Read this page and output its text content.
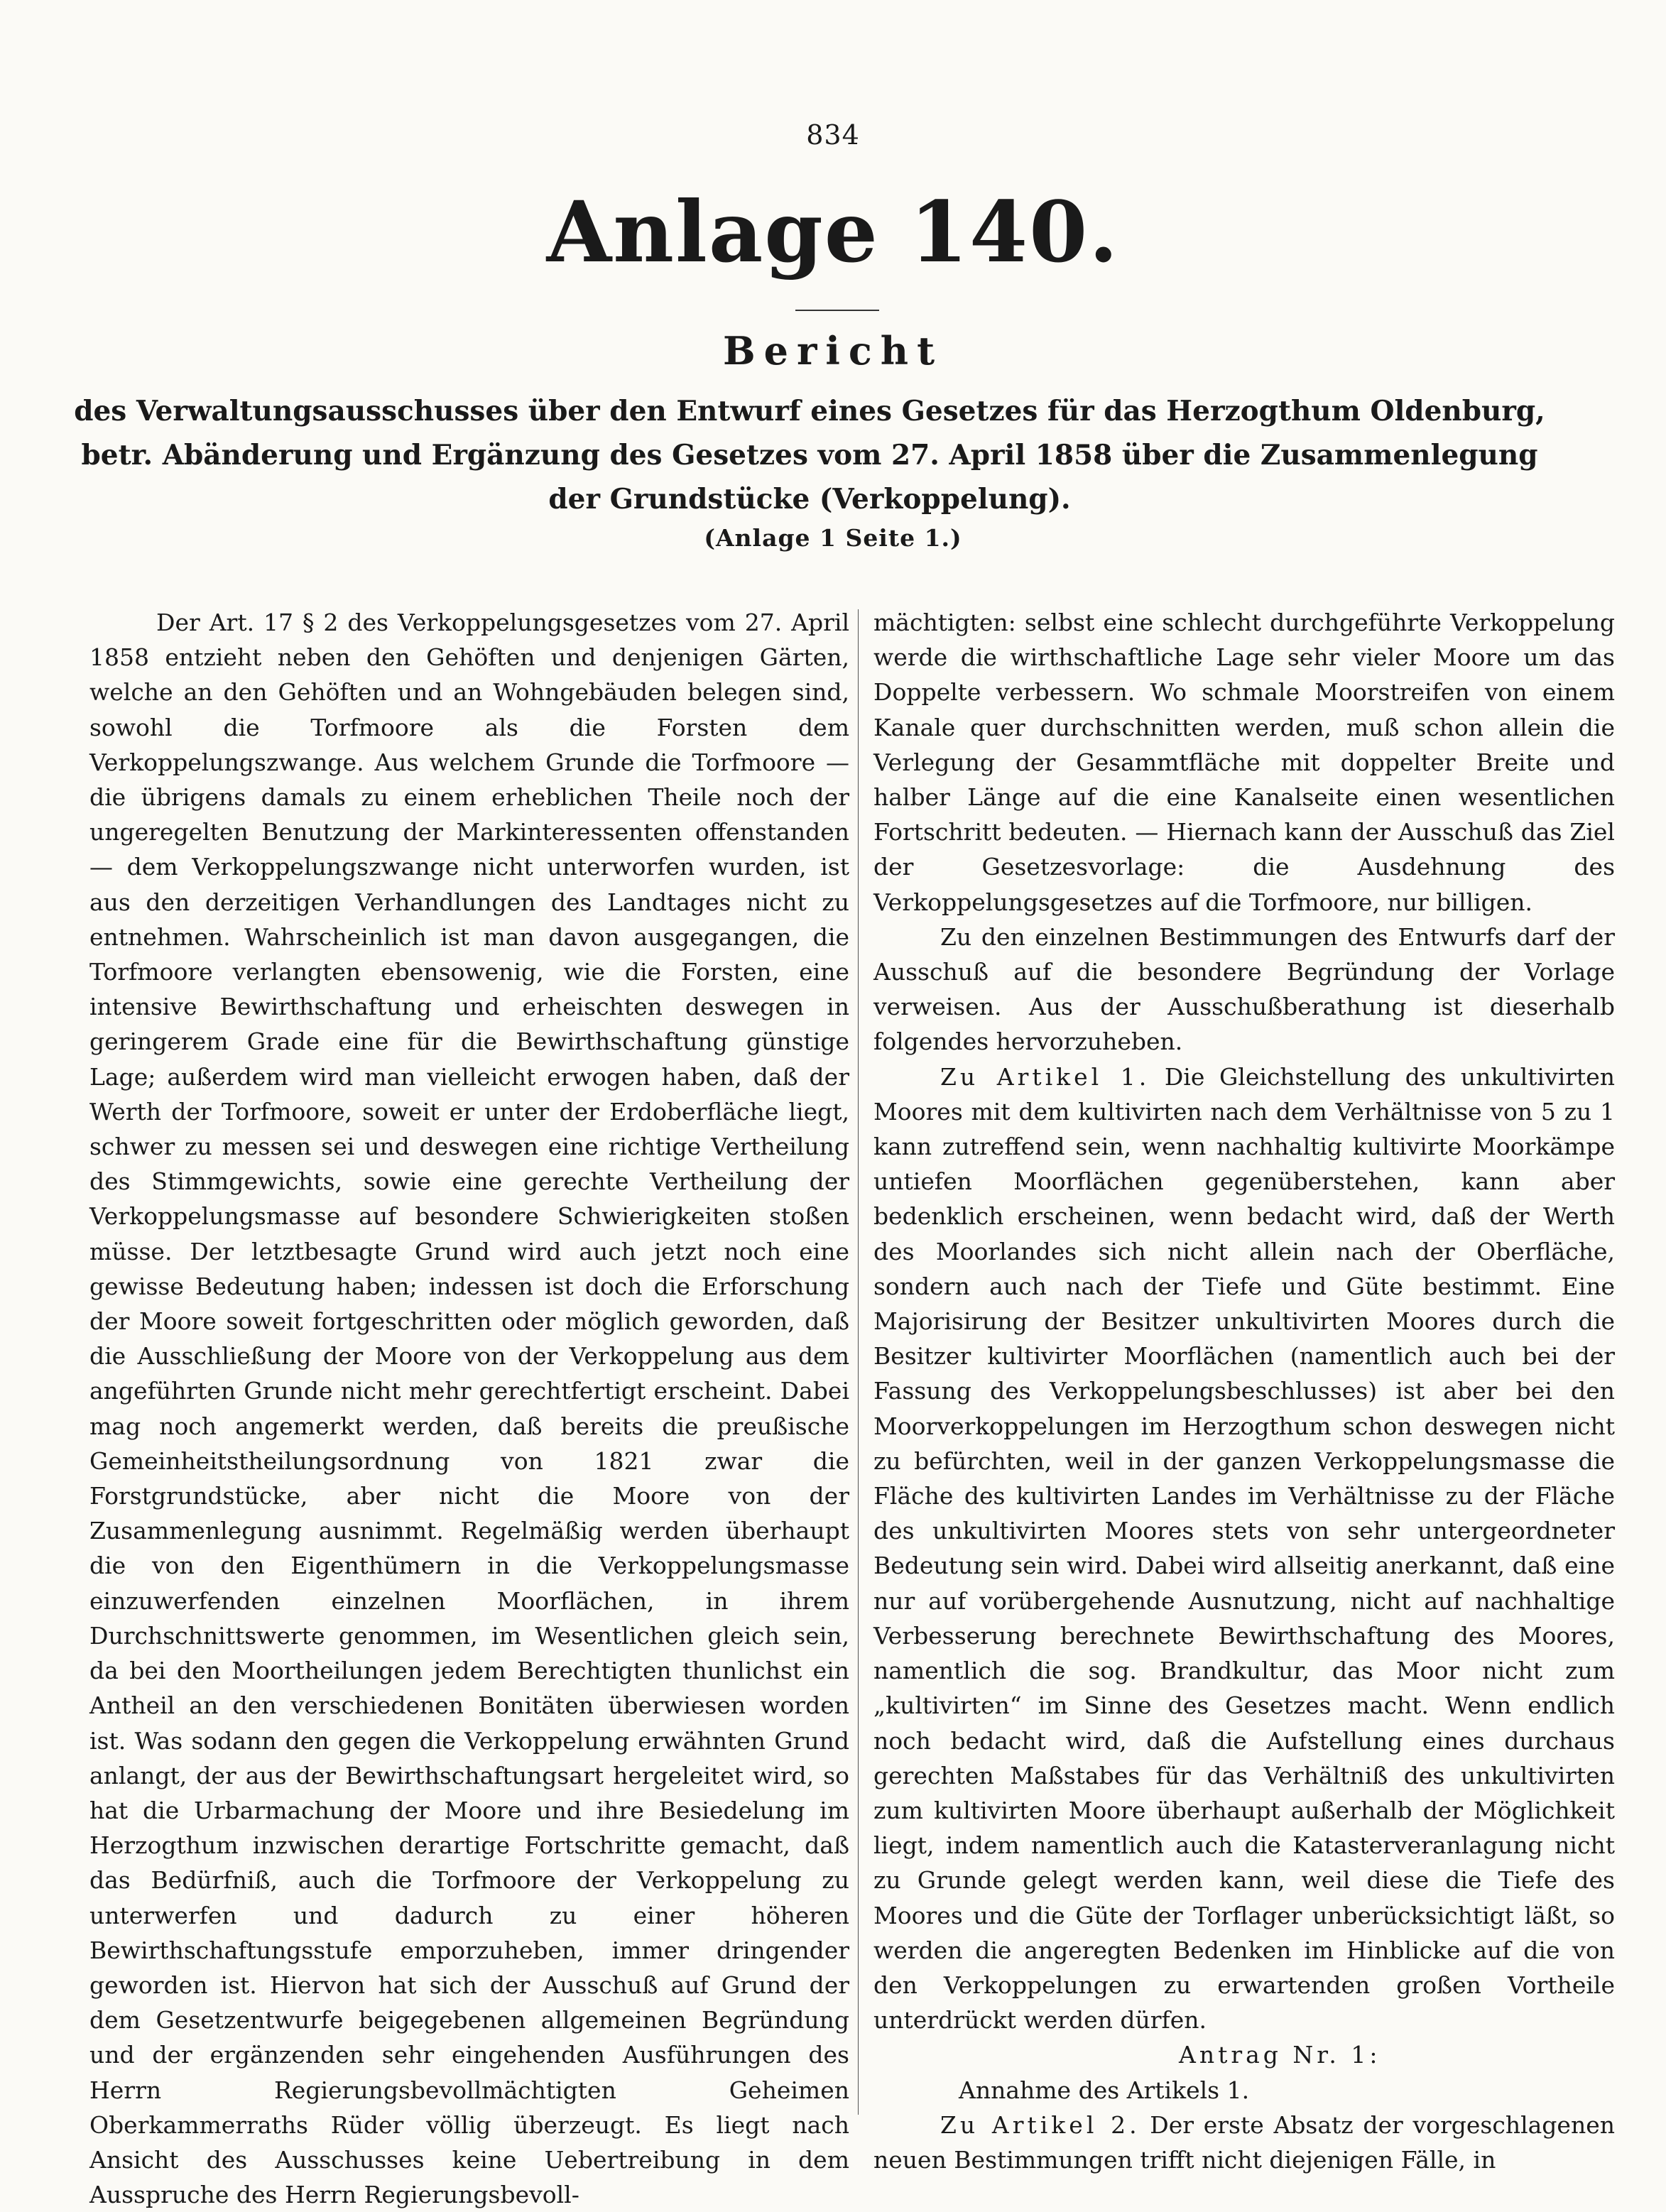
834
Anlage 140.
Bericht
des Verwaltungsausschusses über den Entwurf eines Gesetzes für das Herzogthum Oldenburg, betr. Abänderung und Ergänzung des Gesetzes vom 27. April 1858 über die Zusammenlegung der Grundstücke (Verkoppelung).
(Anlage 1 Seite 1.)

Der Art. 17 § 2 des Verkoppelungsgesetzes vom 27. April 1858 entzieht neben den Gehöften und denjenigen Gärten, welche an den Gehöften und an Wohngebäuden belegen sind, sowohl die Torfmoore als die Forsten dem Verkoppelungszwange. Aus welchem Grunde die Torfmoore — die übrigens damals zu einem erheblichen Theile noch der ungeregelten Benutzung der Markinteressenten offenstanden — dem Verkoppelungszwange nicht unterworfen wurden, ist aus den derzeitigen Verhandlungen des Landtages nicht zu entnehmen. Wahrscheinlich ist man davon ausgegangen, die Torfmoore verlangten ebensowenig, wie die Forsten, eine intensive Bewirthschaftung und erheischten deswegen in geringerem Grade eine für die Bewirthschaftung günstige Lage; außerdem wird man vielleicht erwogen haben, daß der Werth der Torfmoore, soweit er unter der Erdoberfläche liegt, schwer zu messen sei und deswegen eine richtige Vertheilung des Stimmgewichts, sowie eine gerechte Vertheilung der Verkoppelungsmasse auf besondere Schwierigkeiten stoßen müsse. Der letztbesagte Grund wird auch jetzt noch eine gewisse Bedeutung haben; indessen ist doch die Erforschung der Moore soweit fortgeschritten oder möglich geworden, daß die Ausschließung der Moore von der Verkoppelung aus dem angeführten Grunde nicht mehr gerechtfertigt erscheint. Dabei mag noch angemerkt werden, daß bereits die preußische Gemeinheitstheilungsordnung von 1821 zwar die Forstgrundstücke, aber nicht die Moore von der Zusammenlegung ausnimmt. Regelmäßig werden überhaupt die von den Eigenthümern in die Verkoppelungsmasse einzuwerfenden einzelnen Moorflächen, in ihrem Durchschnittswerte genommen, im Wesentlichen gleich sein, da bei den Moortheilungen jedem Berechtigten thunlichst ein Antheil an den verschiedenen Bonitäten überwiesen worden ist. Was sodann den gegen die Verkoppelung erwähnten Grund anlangt, der aus der Bewirthschaftungsart hergeleitet wird, so hat die Urbarmachung der Moore und ihre Besiedelung im Herzogthum inzwischen derartige Fortschritte gemacht, daß das Bedürfniß, auch die Torfmoore der Verkoppelung zu unterwerfen und dadurch zu einer höheren Bewirthschaftungsstufe emporzuheben, immer dringender geworden ist. Hiervon hat sich der Ausschuß auf Grund der dem Gesetzentwurfe beigegebenen allgemeinen Begründung und der ergänzenden sehr eingehenden Ausführungen des Herrn Regierungsbevollmächtigten Geheimen Oberkammerraths Rüder völlig überzeugt. Es liegt nach Ansicht des Ausschusses keine Uebertreibung in dem Ausspruche des Herrn Regierungsbevoll-

mächtigten: selbst eine schlecht durchgeführte Verkoppelung werde die wirthschaftliche Lage sehr vieler Moore um das Doppelte verbessern. Wo schmale Moorstreifen von einem Kanale quer durchschnitten werden, muß schon allein die Verlegung der Gesammtfläche mit doppelter Breite und halber Länge auf die eine Kanalseite einen wesentlichen Fortschritt bedeuten. — Hiernach kann der Ausschuß das Ziel der Gesetzesvorlage: die Ausdehnung des Verkoppelungsgesetzes auf die Torfmoore, nur billigen.

Zu den einzelnen Bestimmungen des Entwurfs darf der Ausschuß auf die besondere Begründung der Vorlage verweisen. Aus der Ausschußberathung ist dieserhalb folgendes hervorzuheben.

Zu Artikel 1. Die Gleichstellung des unkultivirten Moores mit dem kultivirten nach dem Verhältnisse von 5 zu 1 kann zutreffend sein, wenn nachhaltig kultivirte Moorkämpe untiefen Moorflächen gegenüberstehen, kann aber bedenklich erscheinen, wenn bedacht wird, daß der Werth des Moorlandes sich nicht allein nach der Oberfläche, sondern auch nach der Tiefe und Güte bestimmt. Eine Majorisirung der Besitzer unkultivirten Moores durch die Besitzer kultivirter Moorflächen (namentlich auch bei der Fassung des Verkoppelungsbeschlusses) ist aber bei den Moorverkoppelungen im Herzogthum schon deswegen nicht zu befürchten, weil in der ganzen Verkoppelungsmasse die Fläche des kultivirten Landes im Verhältnisse zu der Fläche des unkultivirten Moores stets von sehr untergeordneter Bedeutung sein wird. Dabei wird allseitig anerkannt, daß eine nur auf vorübergehende Ausnutzung, nicht auf nachhaltige Verbesserung berechnete Bewirthschaftung des Moores, namentlich die sog. Brandkultur, das Moor nicht zum „kultivirten“ im Sinne des Gesetzes macht. Wenn endlich noch bedacht wird, daß die Aufstellung eines durchaus gerechten Maßstabes für das Verhältniß des unkultivirten zum kultivirten Moore überhaupt außerhalb der Möglichkeit liegt, indem namentlich auch die Katasterveranlagung nicht zu Grunde gelegt werden kann, weil diese die Tiefe des Moores und die Güte der Torflager unberücksichtigt läßt, so werden die angeregten Bedenken im Hinblicke auf die von den Verkoppelungen zu erwartenden großen Vortheile unterdrückt werden dürfen.

Antrag Nr. 1:

Annahme des Artikels 1.

Zu Artikel 2. Der erste Absatz der vorgeschlagenen neuen Bestimmungen trifft nicht diejenigen Fälle, in
